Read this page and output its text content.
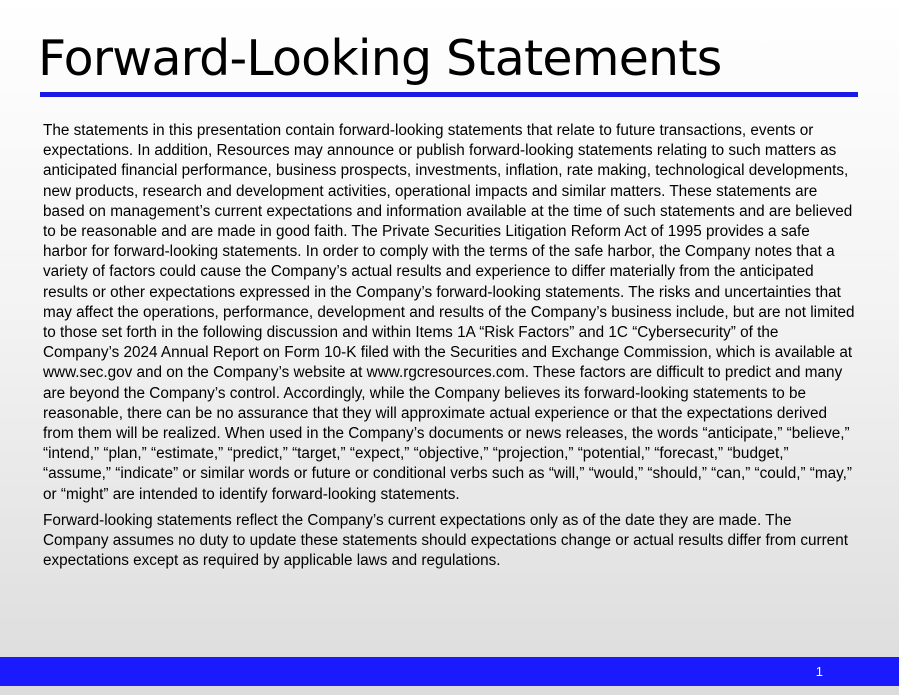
Forward-Looking Statements

The statements in this presentation contain forward-looking statements that relate to future transactions, events or expectations. In addition, Resources may announce or publish forward-looking statements relating to such matters as anticipated financial performance, business prospects, investments, inflation, rate making, technological developments, new products, research and development activities, operational impacts and similar matters. These statements are based on management’s current expectations and information available at the time of such statements and are believed to be reasonable and are made in good faith. The Private Securities Litigation Reform Act of 1995 provides a safe harbor for forward-looking statements. In order to comply with the terms of the safe harbor, the Company notes that a variety of factors could cause the Company’s actual results and experience to differ materially from the anticipated results or other expectations expressed in the Company’s forward-looking statements. The risks and uncertainties that may affect the operations, performance, development and results of the Company’s business include, but are not limited to those set forth in the following discussion and within Items 1A “Risk Factors” and 1C “Cybersecurity” of the Company’s 2024 Annual Report on Form 10-K filed with the Securities and Exchange Commission, which is available at www.sec.gov and on the Company’s website at www.rgcresources.com. These factors are difficult to predict and many are beyond the Company’s control. Accordingly, while the Company believes its forward-looking statements to be reasonable, there can be no assurance that they will approximate actual experience or that the expectations derived from them will be realized. When used in the Company’s documents or news releases, the words “anticipate,” “believe,” “intend,” “plan,” “estimate,” “predict,” “target,” “expect,” “objective,” “projection,” “potential,” “forecast,” “budget,” “assume,” “indicate” or similar words or future or conditional verbs such as “will,” “would,” “should,” “can,” “could,” “may,” or “might” are intended to identify forward-looking statements.

Forward-looking statements reflect the Company’s current expectations only as of the date they are made. The Company assumes no duty to update these statements should expectations change or actual results differ from current expectations except as required by applicable laws and regulations.

1
